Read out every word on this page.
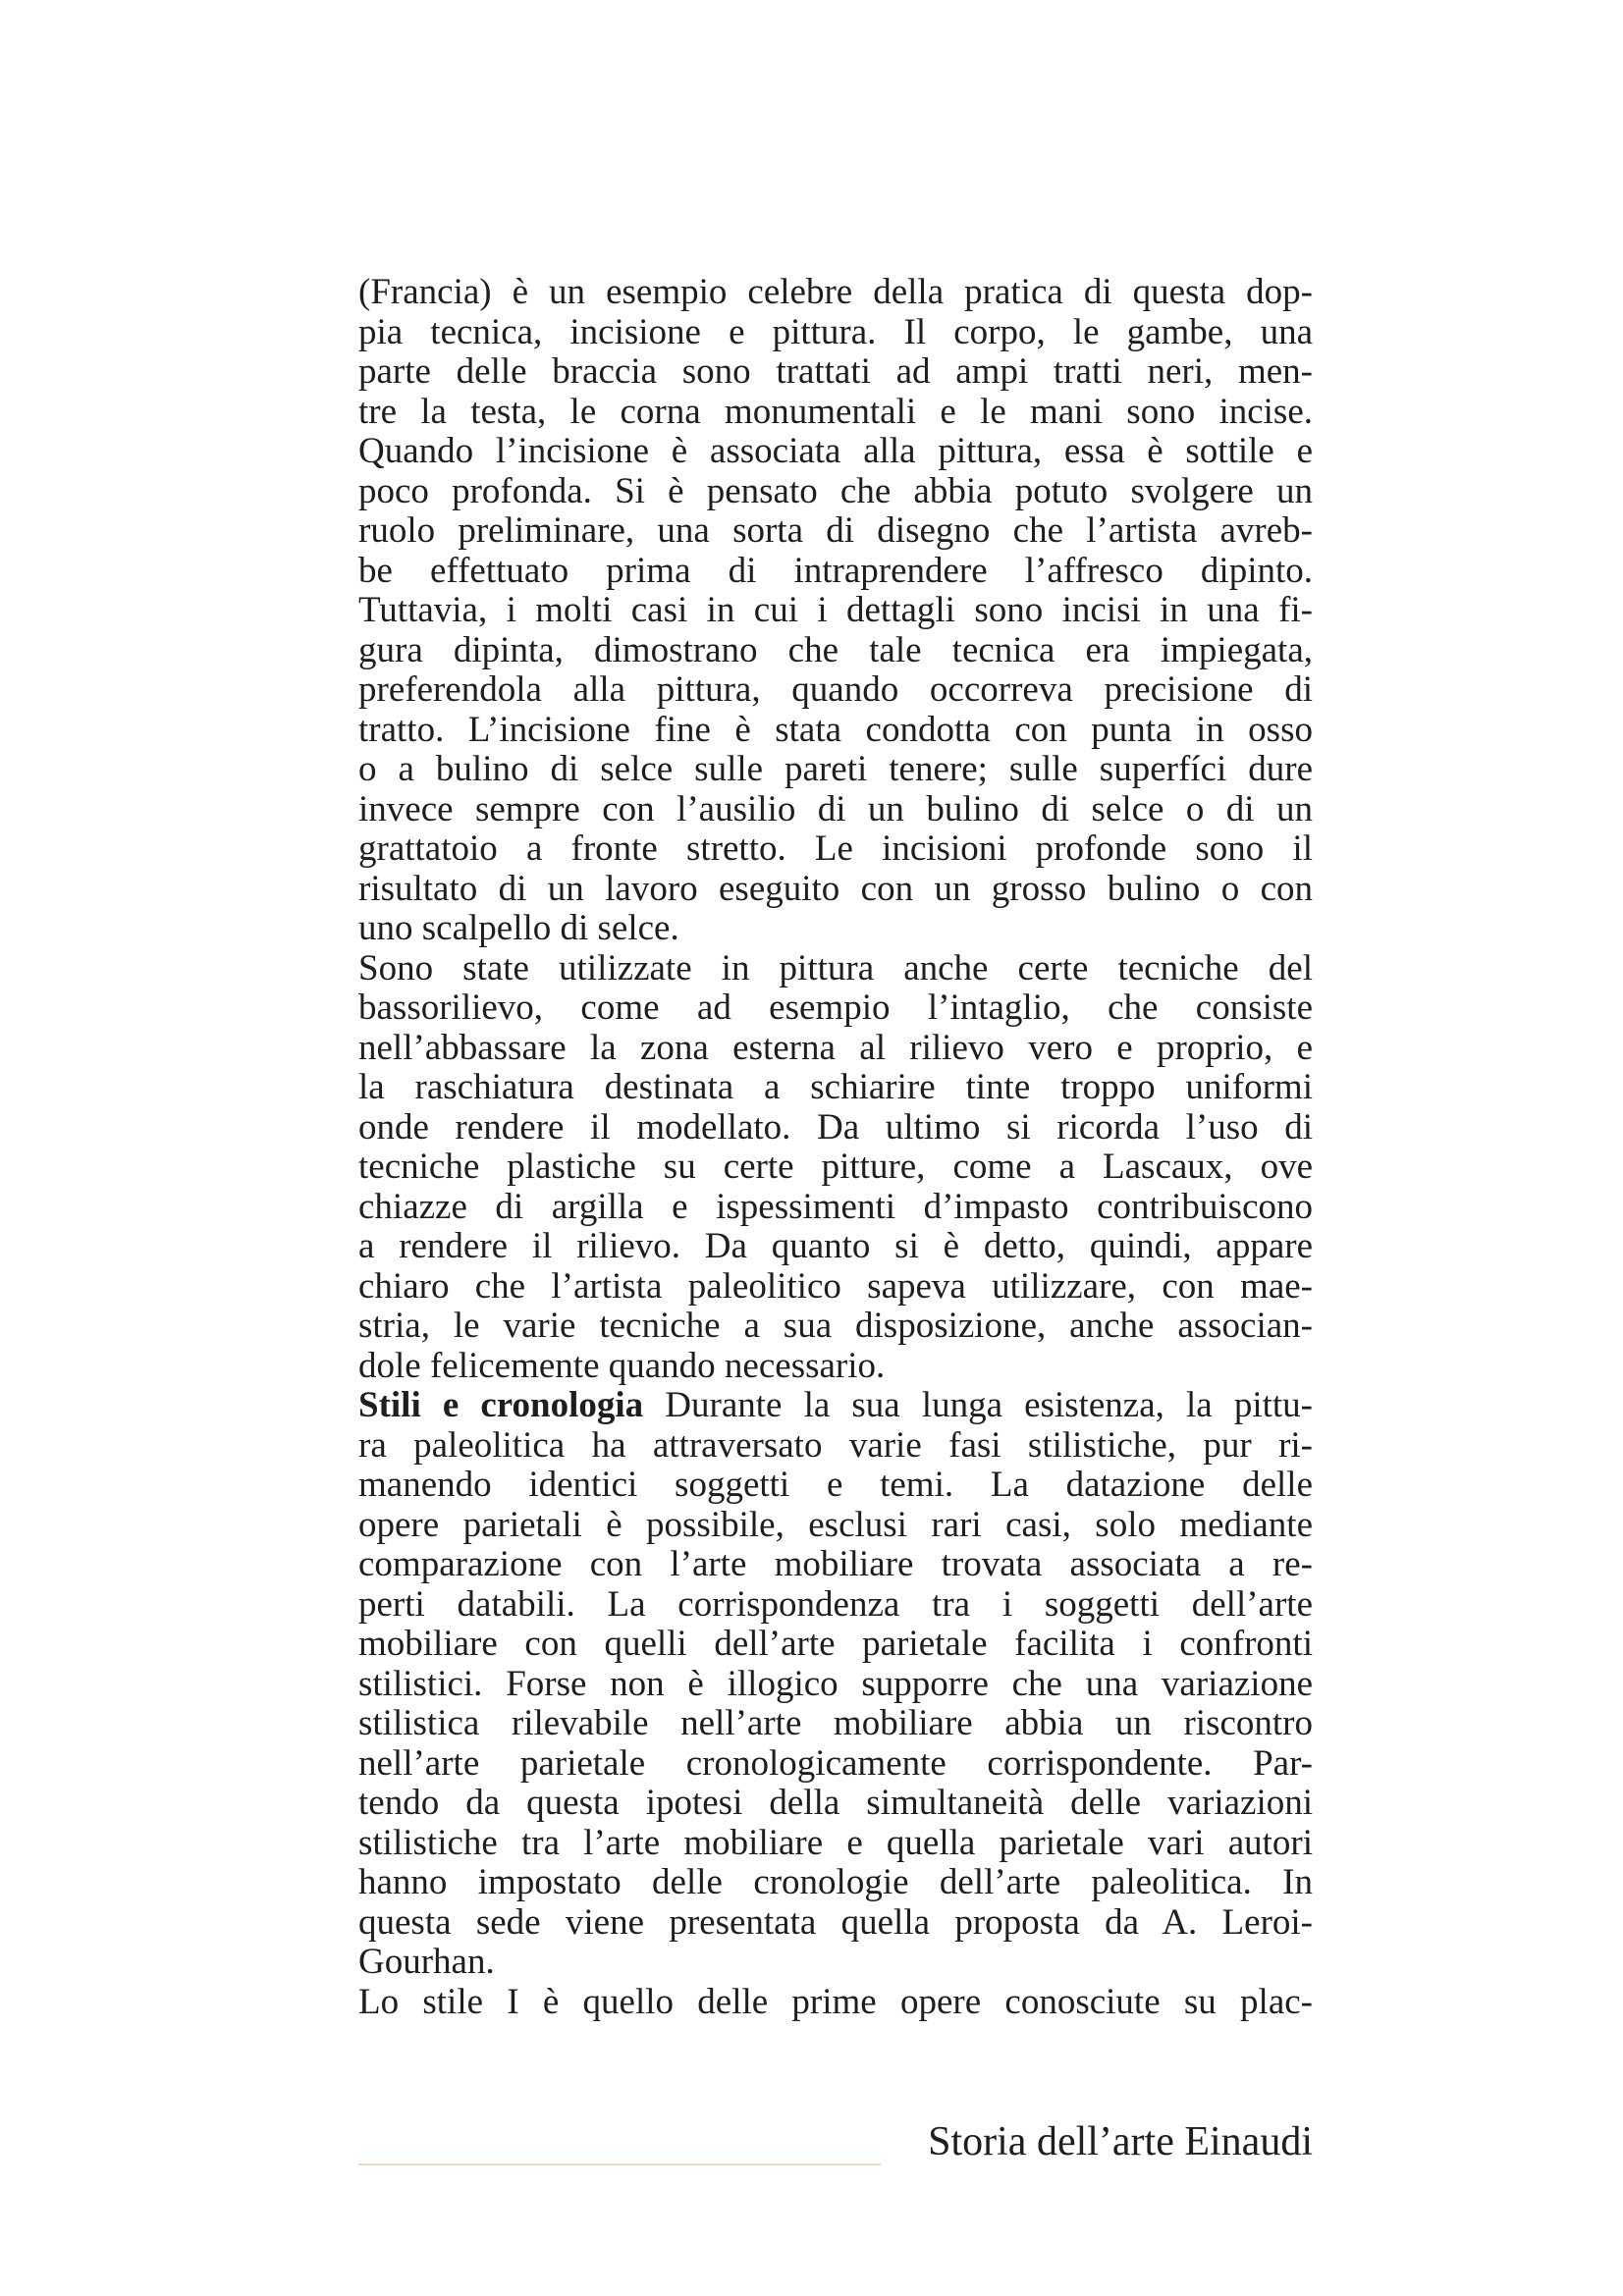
(Francia) è un esempio celebre della pratica di questa dop-
pia tecnica, incisione e pittura. Il corpo, le gambe, una
parte delle braccia sono trattati ad ampi tratti neri, men-
tre la testa, le corna monumentali e le mani sono incise.
Quando l’incisione è associata alla pittura, essa è sottile e
poco profonda. Si è pensato che abbia potuto svolgere un
ruolo preliminare, una sorta di disegno che l’artista avreb-
be effettuato prima di intraprendere l’affresco dipinto.
Tuttavia, i molti casi in cui i dettagli sono incisi in una fi-
gura dipinta, dimostrano che tale tecnica era impiegata,
preferendola alla pittura, quando occorreva precisione di
tratto. L’incisione fine è stata condotta con punta in osso
o a bulino di selce sulle pareti tenere; sulle superfíci dure
invece sempre con l’ausilio di un bulino di selce o di un
grattatoio a fronte stretto. Le incisioni profonde sono il
risultato di un lavoro eseguito con un grosso bulino o con
uno scalpello di selce.
Sono state utilizzate in pittura anche certe tecniche del
bassorilievo, come ad esempio l’intaglio, che consiste
nell’abbassare la zona esterna al rilievo vero e proprio, e
la raschiatura destinata a schiarire tinte troppo uniformi
onde rendere il modellato. Da ultimo si ricorda l’uso di
tecniche plastiche su certe pitture, come a Lascaux, ove
chiazze di argilla e ispessimenti d’impasto contribuiscono
a rendere il rilievo. Da quanto si è detto, quindi, appare
chiaro che l’artista paleolitico sapeva utilizzare, con mae-
stria, le varie tecniche a sua disposizione, anche associan-
dole felicemente quando necessario.
Stili e cronologia Durante la sua lunga esistenza, la pittu-
ra paleolitica ha attraversato varie fasi stilistiche, pur ri-
manendo identici soggetti e temi. La datazione delle
opere parietali è possibile, esclusi rari casi, solo mediante
comparazione con l’arte mobiliare trovata associata a re-
perti databili. La corrispondenza tra i soggetti dell’arte
mobiliare con quelli dell’arte parietale facilita i confronti
stilistici. Forse non è illogico supporre che una variazione
stilistica rilevabile nell’arte mobiliare abbia un riscontro
nell’arte parietale cronologicamente corrispondente. Par-
tendo da questa ipotesi della simultaneità delle variazioni
stilistiche tra l’arte mobiliare e quella parietale vari autori
hanno impostato delle cronologie dell’arte paleolitica. In
questa sede viene presentata quella proposta da A. Leroi-
Gourhan.
Lo stile I è quello delle prime opere conosciute su plac-
Storia dell’arte Einaudi
